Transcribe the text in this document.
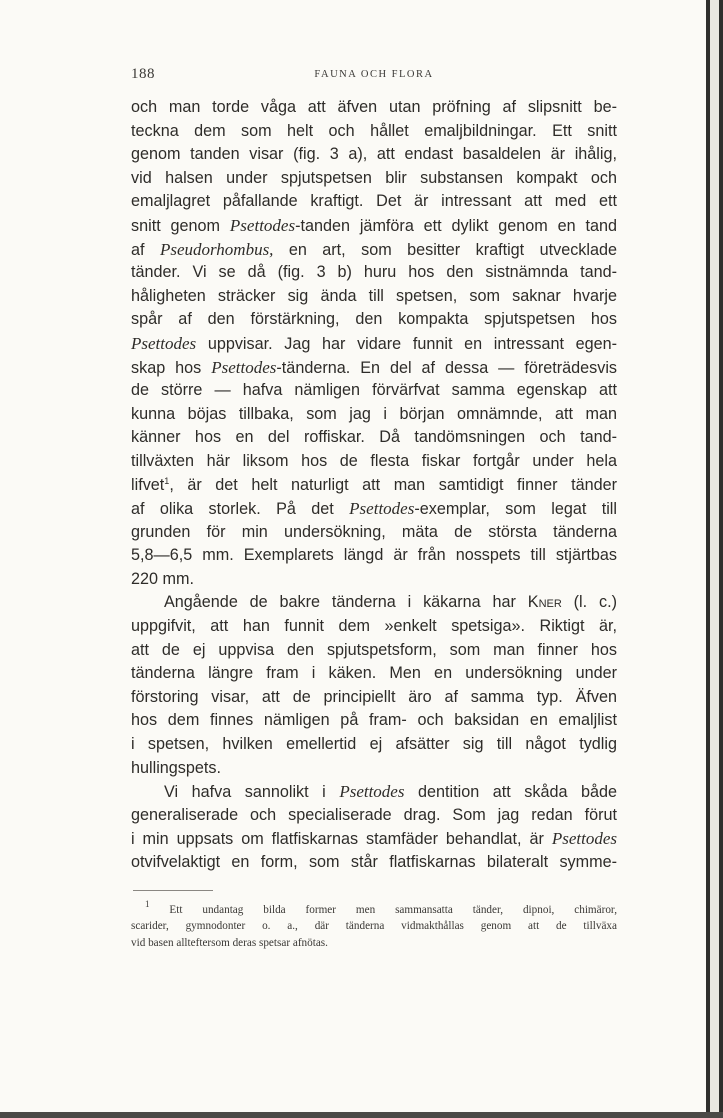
188	FAUNA OCH FLORA
och man torde våga att äfven utan pröfning af slipsnitt be-
teckna dem som helt och hållet emaljbildningar. Ett snitt
genom tanden visar (fig. 3 a), att endast basaldelen är ihålig,
vid halsen under spjutspetsen blir substansen kompakt och
emaljlagret påfallande kraftigt. Det är intressant att med ett
snitt genom Psettodes-tanden jämföra ett dylikt genom en tand
af Pseudorhombus, en art, som besitter kraftigt utvecklade
tänder. Vi se då (fig. 3 b) huru hos den sistnämnda tand-
håligheten sträcker sig ända till spetsen, som saknar hvarje
spår af den förstärkning, den kompakta spjutspetsen hos
Psettodes uppvisar. Jag har vidare funnit en intressant egen-
skap hos Psettodes-tänderna. En del af dessa — företrädesvis
de större — hafva nämligen förvärfvat samma egenskap att
kunna böjas tillbaka, som jag i början omnämnde, att man
känner hos en del roffiskar. Då tandömsningen och tand-
tillväxten här liksom hos de flesta fiskar fortgår under hela
lifvet$^1$, är det helt naturligt att man samtidigt finner tänder
af olika storlek. På det Psettodes-exemplar, som legat till
grunden för min undersökning, mäta de största tänderna
5,8—6,5 mm. Exemplarets längd är från nosspets till stjärtbas
220 mm.
Angående de bakre tänderna i käkarna har Kner (l. c.)
uppgifvit, att han funnit dem »enkelt spetsiga». Riktigt är,
att de ej uppvisa den spjutspetsform, som man finner hos
tänderna längre fram i käken. Men en undersökning under
förstoring visar, att de principiellt äro af samma typ. Äfven
hos dem finnes nämligen på fram- och baksidan en emaljlist
i spetsen, hvilken emellertid ej afsätter sig till något tydlig
hullingspets.
Vi hafva sannolikt i Psettodes dentition att skåda både
generaliserade och specialiserade drag. Som jag redan förut
i min uppsats om flatfiskarnas stamfäder behandlat, är Psettodes
otvifvelaktigt en form, som står flatfiskarnas bilateralt symme-
$^1$ Ett undantag bilda former men sammansatta tänder, dipnoi, chimäror,
scarider, gymnodonter o. a., där tänderna vidmakthållas genom att de tillväxa
vid basen allteftersom deras spetsar afnötas.
